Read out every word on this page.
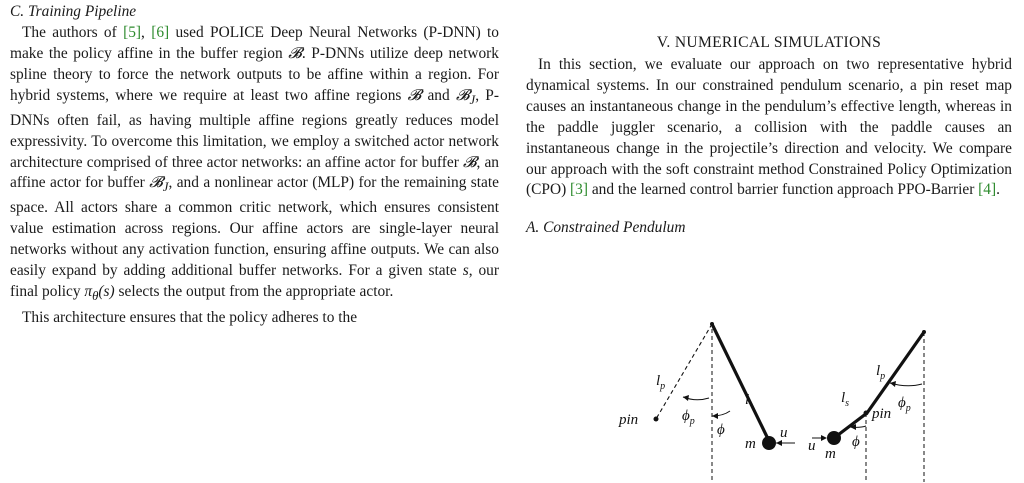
C. Training Pipeline

The authors of [5], [6] used POLICE Deep Neural Networks (P-DNN) to make the policy affine in the buffer region 𝓑. P-DNNs utilize deep network spline theory to force the network outputs to be affine within a region. For hybrid systems, where we require at least two affine regions 𝓑 and 𝓑$_J$, P-DNNs often fail, as having multiple affine regions greatly reduces model expressivity. To overcome this limitation, we employ a switched actor network architecture comprised of three actor networks: an affine actor for buffer 𝓑, an affine actor for buffer 𝓑$_J$, and a nonlinear actor (MLP) for the remaining state space. All actors share a common critic network, which ensures consistent value estimation across regions. Our affine actors are single-layer neural networks without any activation function, ensuring affine outputs. We can also easily expand by adding additional buffer networks. For a given state s, our final policy $\pi_\theta(s)$ selects the output from the appropriate actor.

This architecture ensures that the policy adheres to the

V. NUMERICAL SIMULATIONS

In this section, we evaluate our approach on two representative hybrid dynamical systems. In our constrained pendulum scenario, a pin reset map causes an instantaneous change in the pendulum’s effective length, whereas in the paddle juggler scenario, a collision with the paddle causes an instantaneous change in the projectile’s direction and velocity. We compare our approach with the soft constraint method Constrained Policy Optimization (CPO) [3] and the learned control barrier function approach PPO-Barrier [4].

A. Constrained Pendulum
$l_p$
$\phi_p$
l
ϕ
pin
m
u
$l_p$
$\phi_p$
$l_s$
pin
ϕ
m
u
